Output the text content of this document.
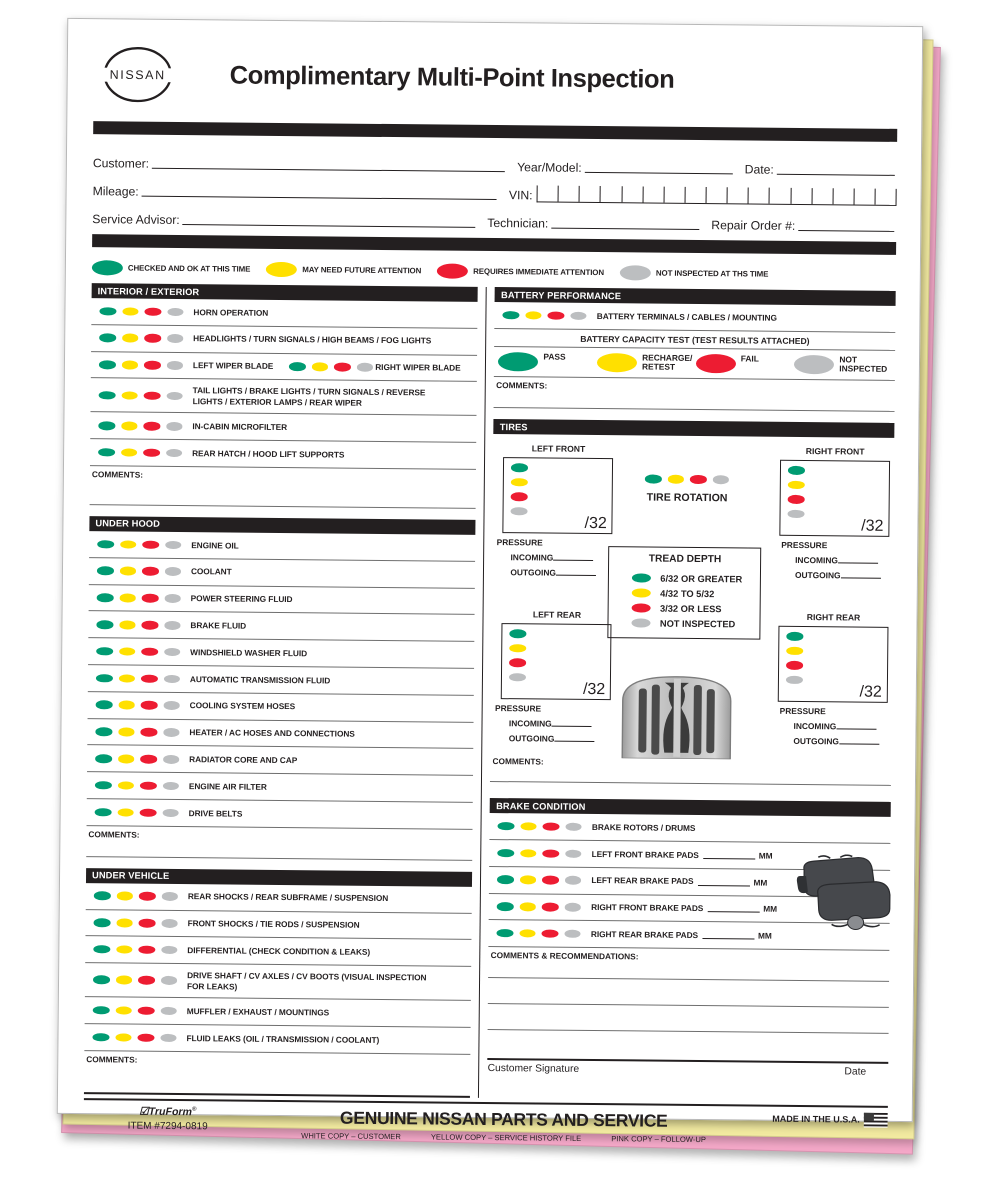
NISSAN	Complimentary Multi-Point Inspection
Customer:	Year/Model:	Date:
Mileage:	VIN:
Service Advisor:	Technician:	Repair Order #:
CHECKED AND OK AT THIS TIME	MAY NEED FUTURE ATTENTION	REQUIRES IMMEDIATE ATTENTION	NOT INSPECTED AT THS TIME
INTERIOR / EXTERIOR
HORN OPERATION
HEADLIGHTS / TURN SIGNALS / HIGH BEAMS / FOG LIGHTS
LEFT WIPER BLADE	RIGHT WIPER BLADE
TAIL LIGHTS / BRAKE LIGHTS / TURN SIGNALS / REVERSE LIGHTS / EXTERIOR LAMPS / REAR WIPER
IN-CABIN MICROFILTER
REAR HATCH / HOOD LIFT SUPPORTS
COMMENTS:
UNDER HOOD
ENGINE OIL
COOLANT
POWER STEERING FLUID
BRAKE FLUID
WINDSHIELD WASHER FLUID
AUTOMATIC TRANSMISSION FLUID
COOLING SYSTEM HOSES
HEATER / AC HOSES AND CONNECTIONS
RADIATOR CORE AND CAP
ENGINE AIR FILTER
DRIVE BELTS
COMMENTS:
UNDER VEHICLE
REAR SHOCKS / REAR SUBFRAME / SUSPENSION
FRONT SHOCKS / TIE RODS / SUSPENSION
DIFFERENTIAL (CHECK CONDITION & LEAKS)
DRIVE SHAFT / CV AXLES / CV BOOTS (VISUAL INSPECTION FOR LEAKS)
MUFFLER / EXHAUST / MOUNTINGS
FLUID LEAKS (OIL / TRANSMISSION / COOLANT)
COMMENTS:
BATTERY PERFORMANCE
BATTERY TERMINALS / CABLES / MOUNTING
BATTERY CAPACITY TEST (TEST RESULTS ATTACHED)
PASS	RECHARGE/ RETEST
FAIL	NOT INSPECTED
COMMENTS:
TIRES
LEFT FRONT
/32
PRESSURE
INCOMING
OUTGOING
RIGHT FRONT
/32
PRESSURE
INCOMING
OUTGOING
TIRE ROTATION
TREAD DEPTH
6/32 OR GREATER
4/32 TO 5/32
3/32 OR LESS
NOT INSPECTED
LEFT REAR
/32
PRESSURE
INCOMING
OUTGOING
RIGHT REAR
/32
PRESSURE
INCOMING
OUTGOING
COMMENTS:
BRAKE CONDITION
BRAKE ROTORS / DRUMS
LEFT FRONT BRAKE PADS	MM
LEFT REAR BRAKE PADS	MM
RIGHT FRONT BRAKE PADS	MM
RIGHT REAR BRAKE PADS	MM
COMMENTS & RECOMMENDATIONS:
Customer Signature	Date
☑TruForm®
ITEM #7294-0819	GENUINE NISSAN PARTS AND SERVICE
WHITE COPY – CUSTOMER	YELLOW COPY – SERVICE HISTORY FILE	PINK COPY – FOLLOW-UP
MADE IN THE U.S.A.
